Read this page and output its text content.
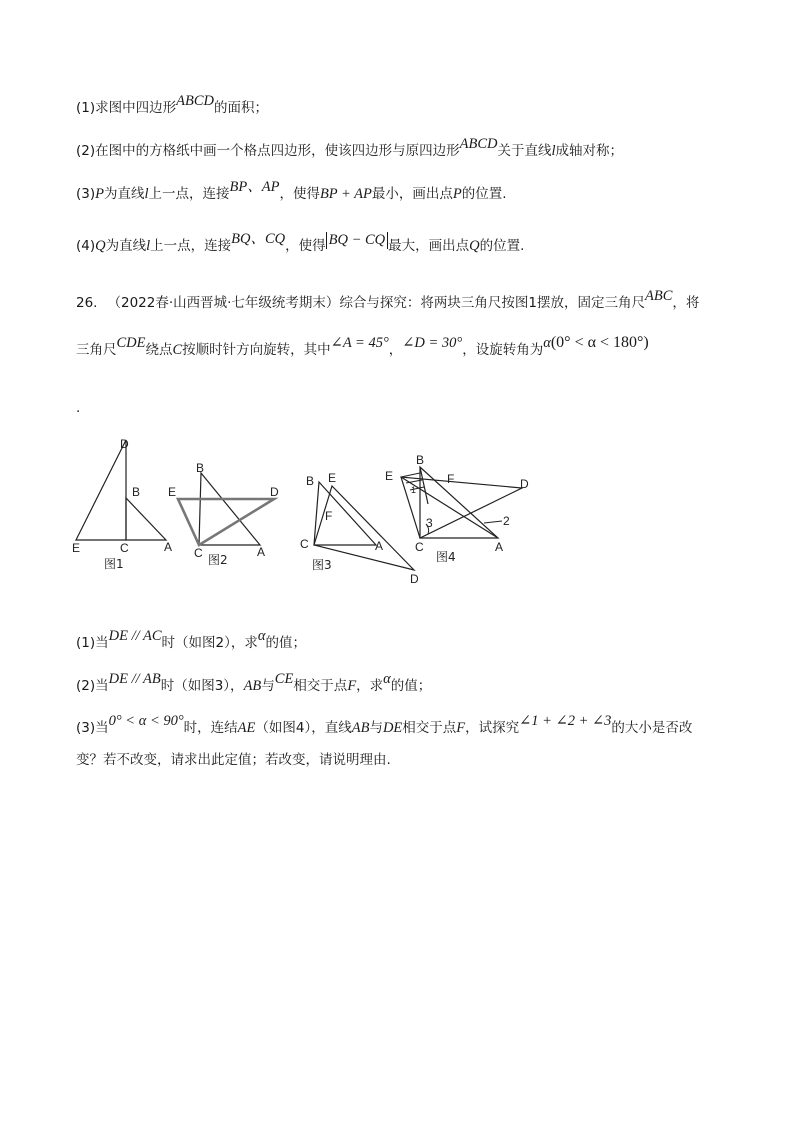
(1)求图中四边形ABCD的面积；
(2)在图中的方格纸中画一个格点四边形，使该四边形与原四边形ABCD关于直线l成轴对称；
(3)P为直线l上一点，连接BP、AP，使得BP + AP最小，画出点P的位置.
(4)Q为直线l上一点，连接BQ、CQ，使得 BQ − CQ 最大，画出点Q的位置.
26. （2022春·山西晋城·七年级统考期末）综合与探究：将两块三角尺按图1摆放，固定三角尺ABC，将
三角尺CDE绕点C按顺时针方向旋转，其中∠A = 45°，∠D = 30°，设旋转角为α(0° < α < 180°)
.
D
B
E	C	A
图1
B
E	D
C	A
图2
B E
F
C	A
D
图3
B
E	F	D
1
3	2
C	A
图4
(1)当DE // AC时（如图2），求α的值；
(2)当DE // AB时（如图3），AB与CE相交于点F，求α的值；
(3)当0° < α < 90°时，连结AE（如图4），直线AB与DE相交于点F，试探究∠1 + ∠2 + ∠3的大小是否改
变？若不改变，请求出此定值；若改变，请说明理由.
